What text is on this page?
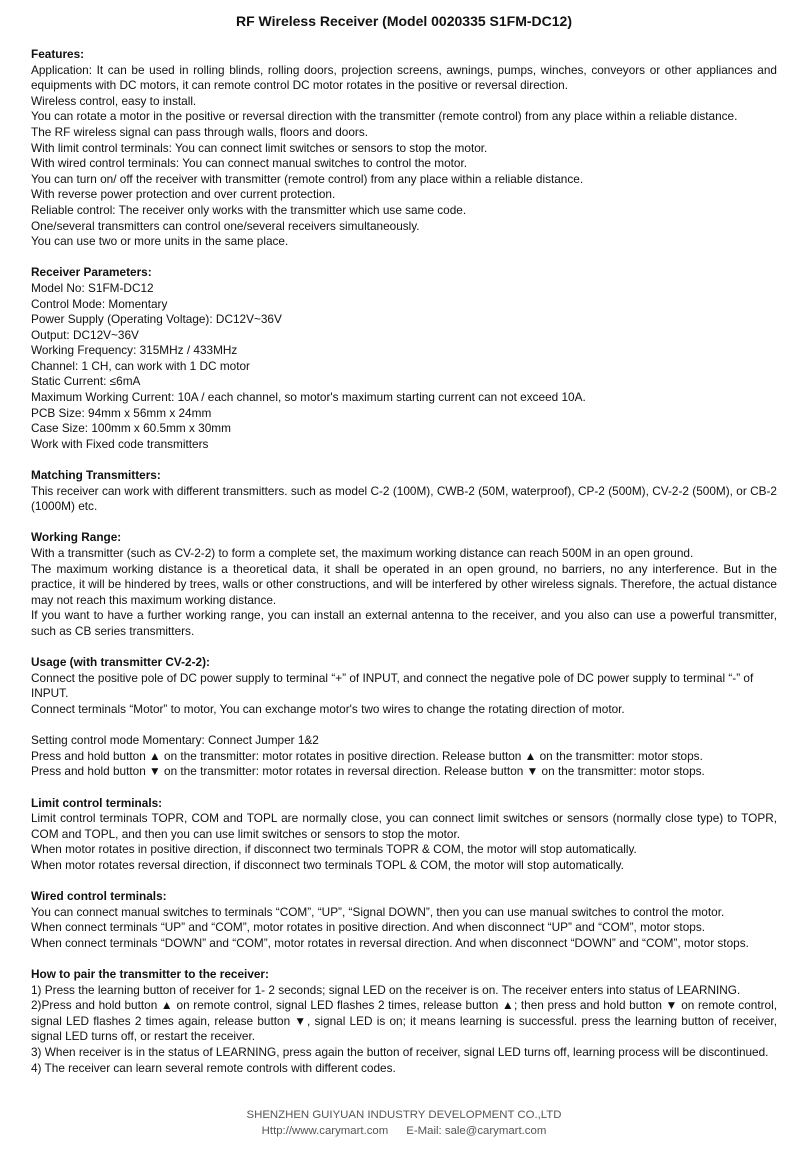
RF Wireless Receiver (Model 0020335 S1FM-DC12)
Features:

Application: It can be used in rolling blinds, rolling doors, projection screens, awnings, pumps, winches, conveyors or other appliances and equipments with DC motors, it can remote control DC motor rotates in the positive or reversal direction.

Wireless control, easy to install.

You can rotate a motor in the positive or reversal direction with the transmitter (remote control) from any place within a reliable distance.

The RF wireless signal can pass through walls, floors and doors.

With limit control terminals: You can connect limit switches or sensors to stop the motor.

With wired control terminals: You can connect manual switches to control the motor.

You can turn on/ off the receiver with transmitter (remote control) from any place within a reliable distance.

With reverse power protection and over current protection.

Reliable control: The receiver only works with the transmitter which use same code.

One/several transmitters can control one/several receivers simultaneously.

You can use two or more units in the same place.

Receiver Parameters:

Model No: S1FM-DC12

Control Mode: Momentary

Power Supply (Operating Voltage): DC12V~36V

Output: DC12V~36V

Working Frequency: 315MHz / 433MHz

Channel: 1 CH, can work with 1 DC motor

Static Current: ≤6mA

Maximum Working Current: 10A / each channel, so motor's maximum starting current can not exceed 10A.

PCB Size: 94mm x 56mm x 24mm

Case Size: 100mm x 60.5mm x 30mm

Work with Fixed code transmitters

Matching Transmitters:

This receiver can work with different transmitters. such as model C-2 (100M), CWB-2 (50M, waterproof), CP-2 (500M), CV-2-2 (500M), or CB-2 (1000M) etc.

Working Range:

With a transmitter (such as CV-2-2) to form a complete set, the maximum working distance can reach 500M in an open ground.

The maximum working distance is a theoretical data, it shall be operated in an open ground, no barriers, no any interference. But in the practice, it will be hindered by trees, walls or other constructions, and will be interfered by other wireless signals. Therefore, the actual distance may not reach this maximum working distance.

If you want to have a further working range, you can install an external antenna to the receiver, and you also can use a powerful transmitter, such as CB series transmitters.

Usage (with transmitter CV-2-2):

Connect the positive pole of DC power supply to terminal “+” of INPUT, and connect the negative pole of DC power supply to terminal “-” of INPUT.

Connect terminals “Motor” to motor, You can exchange motor's two wires to change the rotating direction of motor.

Setting control mode Momentary: Connect Jumper 1&2

Press and hold button ▲ on the transmitter: motor rotates in positive direction. Release button ▲ on the transmitter: motor stops.

Press and hold button ▼ on the transmitter: motor rotates in reversal direction. Release button ▼ on the transmitter: motor stops.

Limit control terminals:

Limit control terminals TOPR, COM and TOPL are normally close, you can connect limit switches or sensors (normally close type) to TOPR, COM and TOPL, and then you can use limit switches or sensors to stop the motor.

When motor rotates in positive direction, if disconnect two terminals TOPR & COM, the motor will stop automatically.

When motor rotates reversal direction, if disconnect two terminals TOPL & COM, the motor will stop automatically.

Wired control terminals:

You can connect manual switches to terminals “COM”, “UP”, “Signal DOWN”, then you can use manual switches to control the motor.

When connect terminals “UP” and “COM”, motor rotates in positive direction. And when disconnect “UP” and “COM”, motor stops.

When connect terminals “DOWN” and “COM”, motor rotates in reversal direction. And when disconnect “DOWN” and “COM”, motor stops.

How to pair the transmitter to the receiver:

1) Press the learning button of receiver for 1- 2 seconds; signal LED on the receiver is on. The receiver enters into status of LEARNING.

2)Press and hold button ▲ on remote control, signal LED flashes 2 times, release button ▲; then press and hold button ▼ on remote control, signal LED flashes 2 times again, release button ▼, signal LED is on; it means learning is successful. press the learning button of receiver, signal LED turns off, or restart the receiver.

3) When receiver is in the status of LEARNING, press again the button of receiver, signal LED turns off, learning process will be discontinued.

4) The receiver can learn several remote controls with different codes.

SHENZHEN GUIYUAN INDUSTRY DEVELOPMENT CO.,LTD
Http://www.carymart.com E-Mail: sale@carymart.com
